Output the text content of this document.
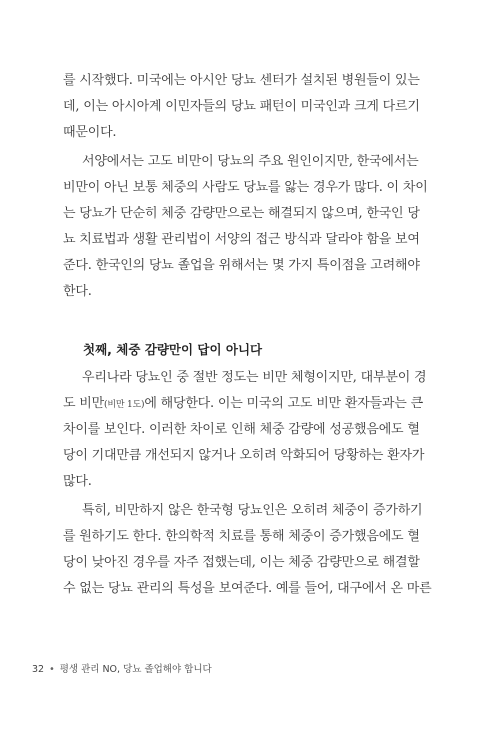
를 시작했다. 미국에는 아시안 당뇨 센터가 설치된 병원들이 있는
데, 이는 아시아계 이민자들의 당뇨 패턴이 미국인과 크게 다르기
때문이다.
서양에서는 고도 비만이 당뇨의 주요 원인이지만, 한국에서는
비만이 아닌 보통 체중의 사람도 당뇨를 앓는 경우가 많다. 이 차이
는 당뇨가 단순히 체중 감량만으로는 해결되지 않으며, 한국인 당
뇨 치료법과 생활 관리법이 서양의 접근 방식과 달라야 함을 보여
준다. 한국인의 당뇨 졸업을 위해서는 몇 가지 특이점을 고려해야
한다.
첫째, 체중 감량만이 답이 아니다
우리나라 당뇨인 중 절반 정도는 비만 체형이지만, 대부분이 경
도 비만(비만 1도)에 해당한다. 이는 미국의 고도 비만 환자들과는 큰
차이를 보인다. 이러한 차이로 인해 체중 감량에 성공했음에도 혈
당이 기대만큼 개선되지 않거나 오히려 악화되어 당황하는 환자가
많다.
특히, 비만하지 않은 한국형 당뇨인은 오히려 체중이 증가하기
를 원하기도 한다. 한의학적 치료를 통해 체중이 증가했음에도 혈
당이 낮아진 경우를 자주 접했는데, 이는 체중 감량만으로 해결할
수 없는 당뇨 관리의 특성을 보여준다. 예를 들어, 대구에서 온 마른
32 • 평생 관리 NO, 당뇨 졸업해야 합니다
